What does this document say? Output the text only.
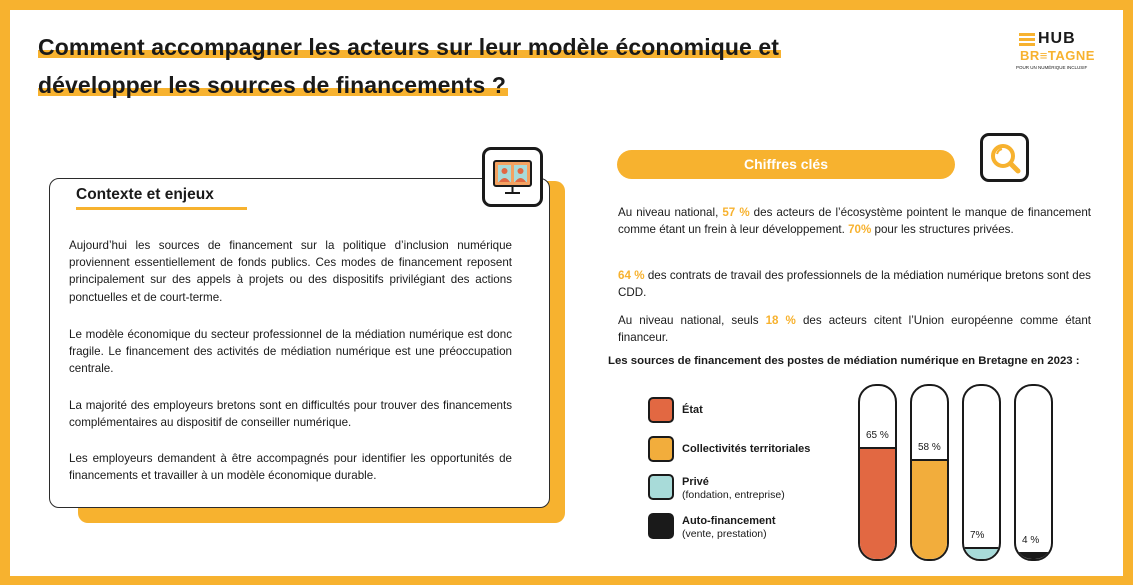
Comment accompagner les acteurs sur leur modèle économique et
développer les sources de financements ?
HUB
BR≡TAGNE
POUR UN NUMÉRIQUE INCLUSIF
Contexte et enjeux

Aujourd’hui les sources de financement sur la politique d’inclusion numérique proviennent essentiellement de fonds publics. Ces modes de financement reposent principalement sur des appels à projets ou des dispositifs privilégiant des actions ponctuelles et de court-terme.

Le modèle économique du secteur professionnel de la médiation numérique est donc fragile. Le financement des activités de médiation numérique est une préoccupation centrale.

La majorité des employeurs bretons sont en difficultés pour trouver des financements complémentaires au dispositif de conseiller numérique.

Les employeurs demandent à être accompagnés pour identifier les opportunités de financements et travailler à un modèle économique durable.

Chiffres clés

Au niveau national, 57 % des acteurs de l’écosystème pointent le manque de financement comme étant un frein à leur développement. 70% pour les structures privées.

64 % des contrats de travail des professionnels de la médiation numérique bretons sont des CDD.

Au niveau national, seuls 18 % des acteurs citent l’Union européenne comme étant financeur.

Les sources de financement des postes de médiation numérique en Bretagne en 2023 :
État
Collectivités territoriales
Privé
(fondation, entreprise)
Auto-financement
(vente, prestation)
65 %
58 %
7%	4 %
